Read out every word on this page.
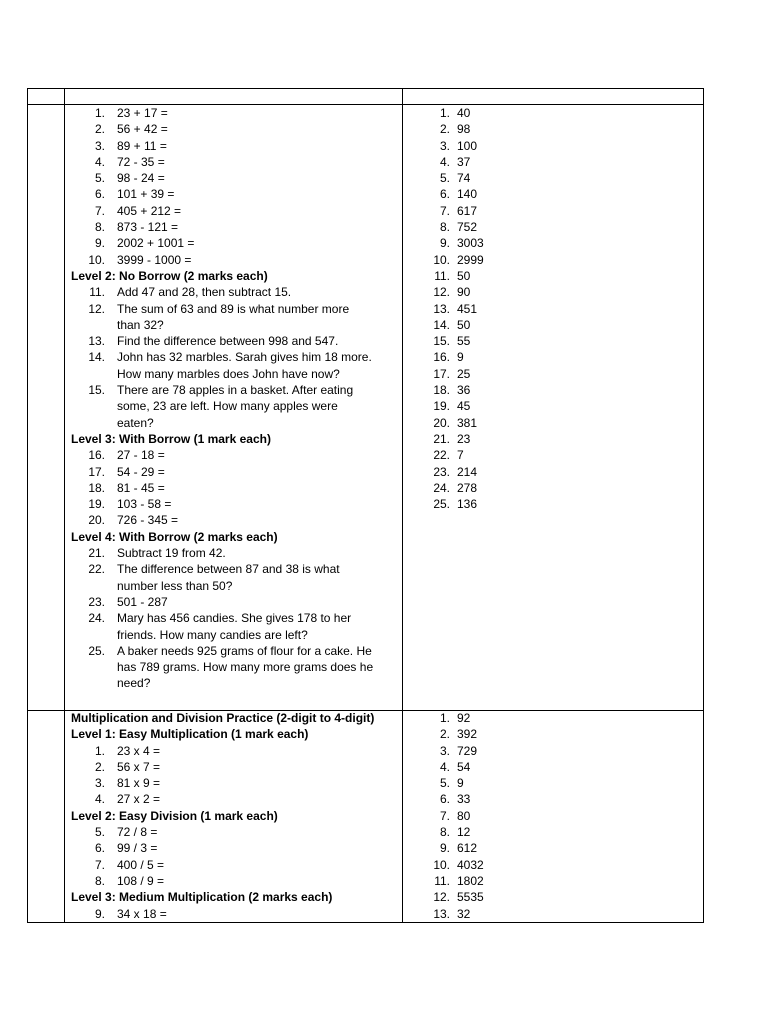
1. 23 + 17 =
2. 56 + 42 =
3. 89 + 11 =
4. 72 - 35 =
5. 98 - 24 =
6. 101 + 39 =
7. 405 + 212 =
8. 873 - 121 =
9. 2002 + 1001 =
10. 3999 - 1000 =
Level 2: No Borrow (2 marks each)
11. Add 47 and 28, then subtract 15.
12. The sum of 63 and 89 is what number more
than 32?
13. Find the difference between 998 and 547.
14. John has 32 marbles. Sarah gives him 18 more.
How many marbles does John have now?
15. There are 78 apples in a basket. After eating
some, 23 are left. How many apples were
eaten?
Level 3: With Borrow (1 mark each)
16. 27 - 18 =
17. 54 - 29 =
18. 81 - 45 =
19. 103 - 58 =
20. 726 - 345 =
Level 4: With Borrow (2 marks each)
21. Subtract 19 from 42.
22. The difference between 87 and 38 is what
number less than 50?
23. 501 - 287
24. Mary has 456 candies. She gives 178 to her
friends. How many candies are left?
25. A baker needs 925 grams of flour for a cake. He
has 789 grams. How many more grams does he
need?
1. 40
2. 98
3. 100
4. 37
5. 74
6. 140
7. 617
8. 752
9. 3003
10. 2999
11. 50
12. 90
13. 451
14. 50
15. 55
16. 9
17. 25
18. 36
19. 45
20. 381
21. 23
22. 7
23. 214
24. 278
25. 136
Multiplication and Division Practice (2-digit to 4-digit)
Level 1: Easy Multiplication (1 mark each)
1. 23 x 4 =
2. 56 x 7 =
3. 81 x 9 =
4. 27 x 2 =
Level 2: Easy Division (1 mark each)
5. 72 / 8 =
6. 99 / 3 =
7. 400 / 5 =
8. 108 / 9 =
Level 3: Medium Multiplication (2 marks each)
9. 34 x 18 =
1. 92
2. 392
3. 729
4. 54
5. 9
6. 33
7. 80
8. 12
9. 612
10. 4032
11. 1802
12. 5535
13. 32
